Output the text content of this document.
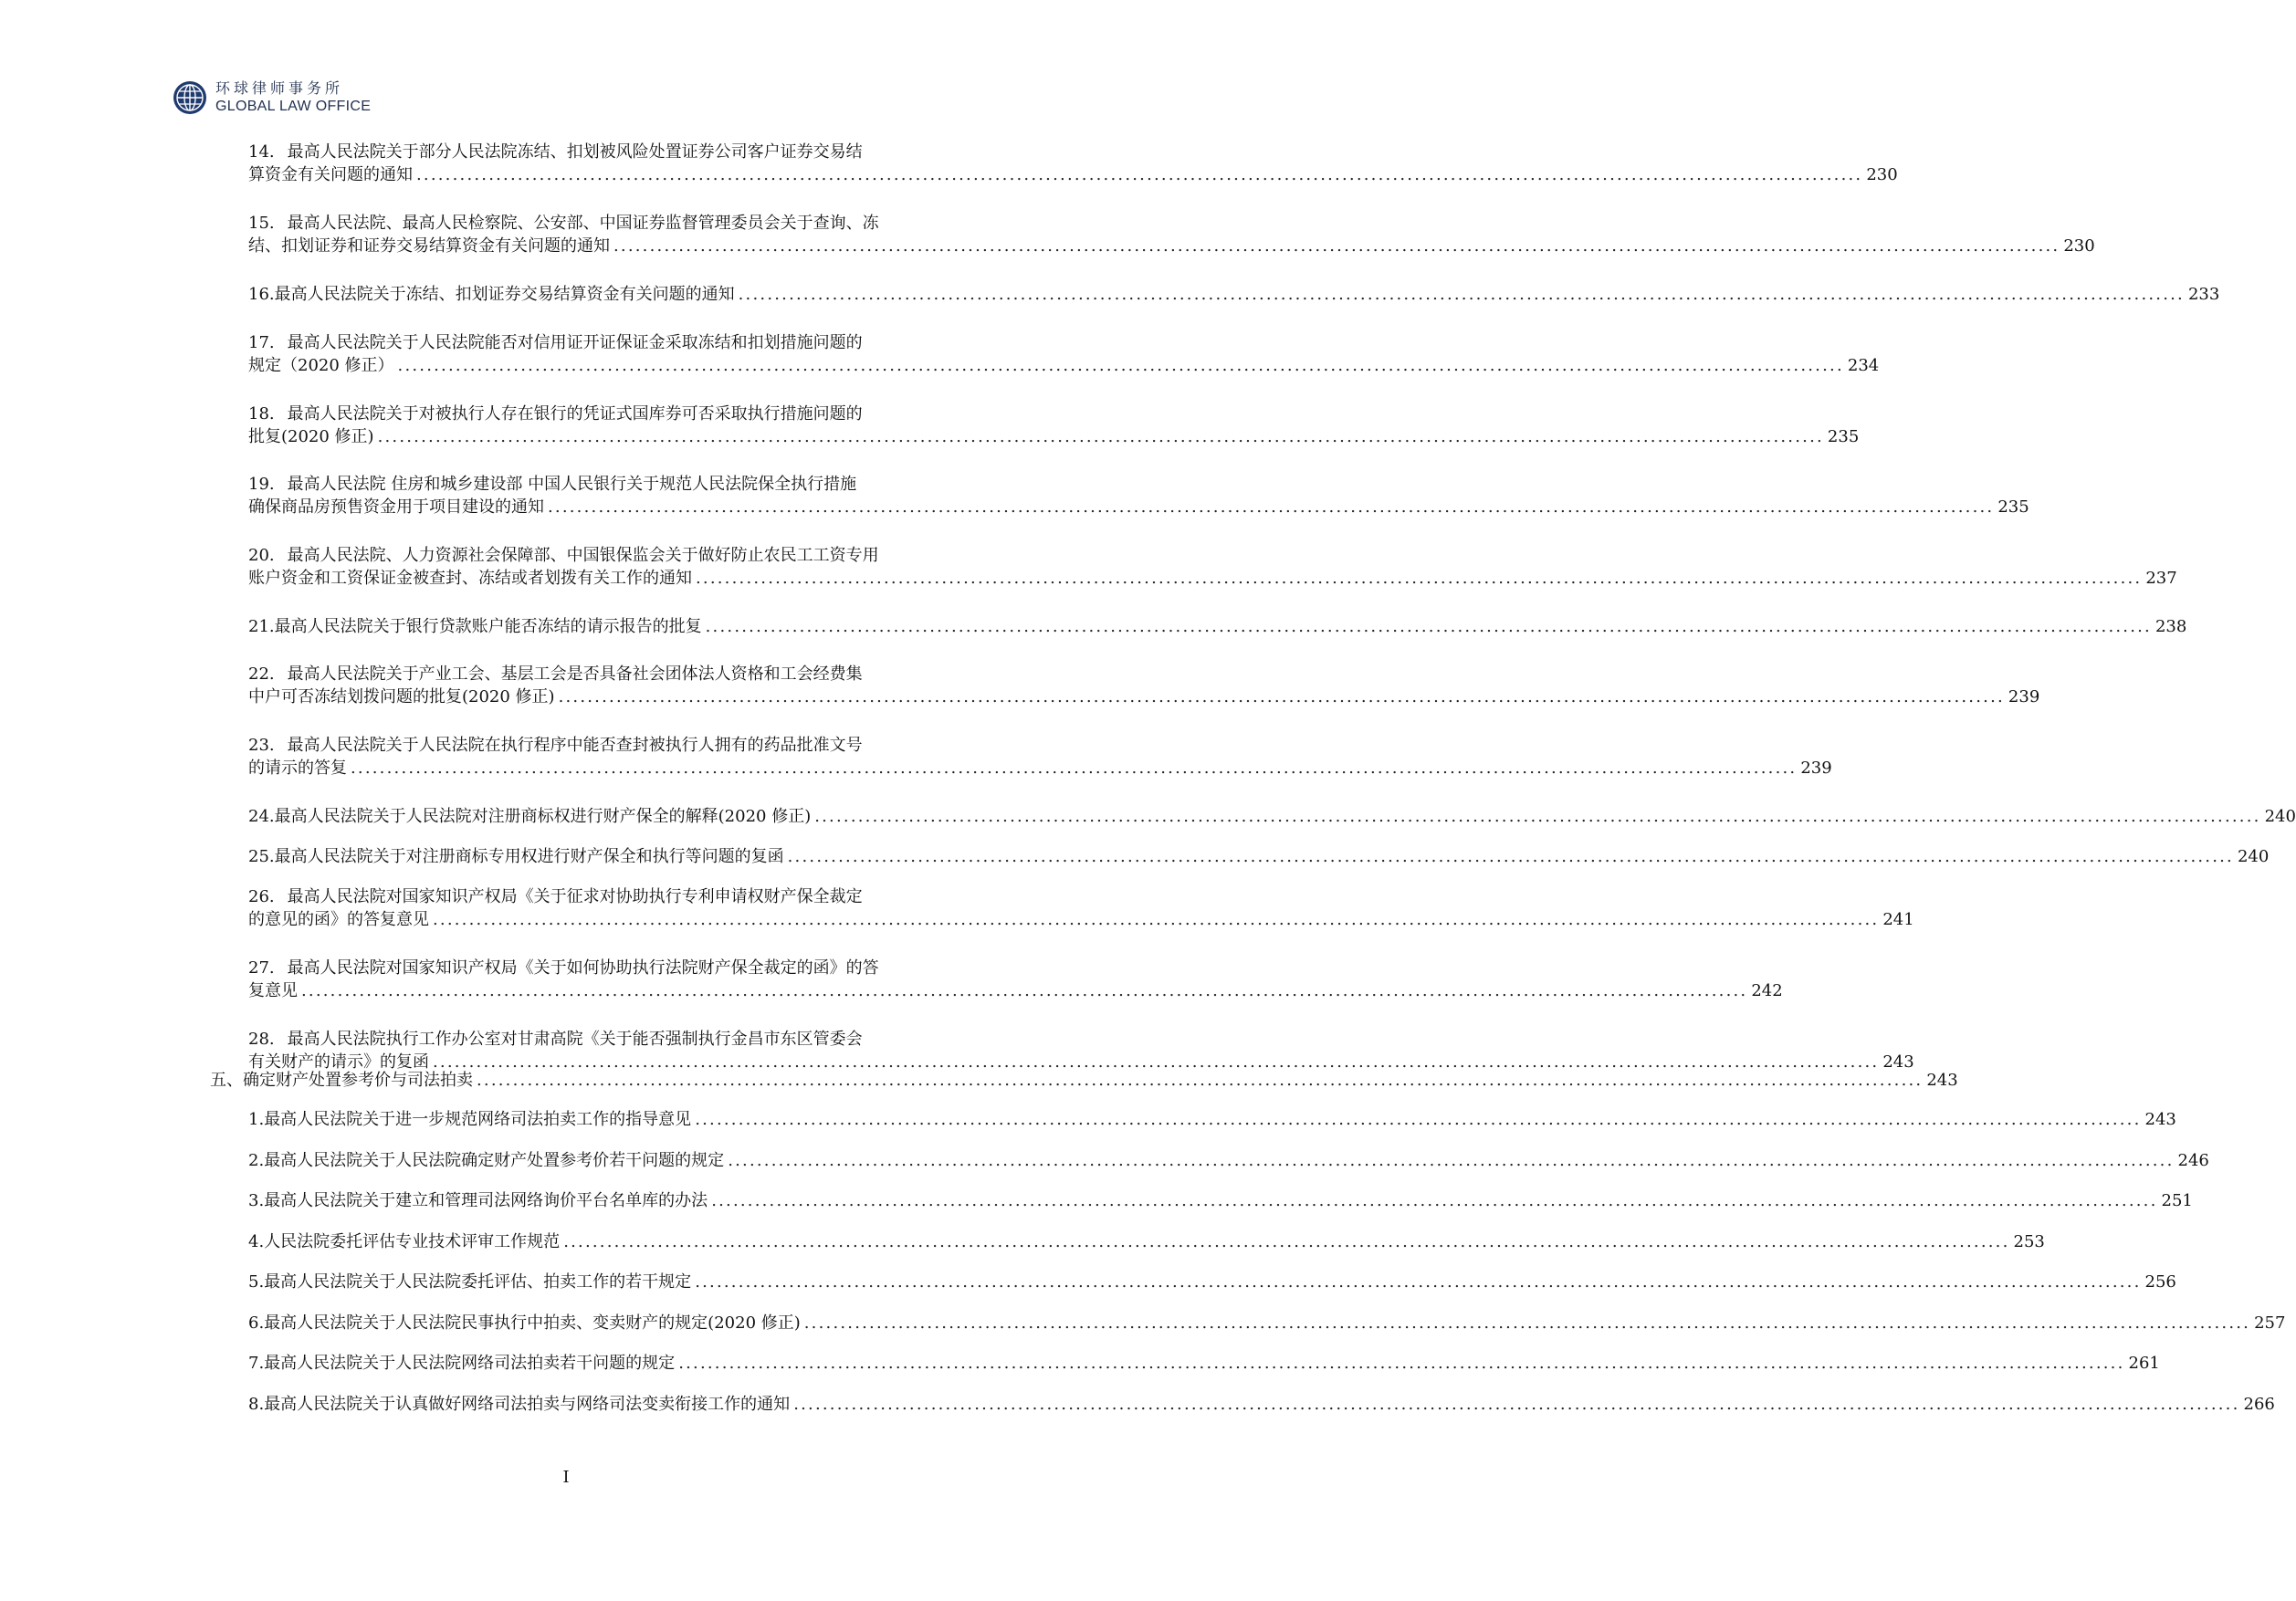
环球律师事务所
GLOBAL LAW OFFICE
14. 最高人民法院关于部分人民法院冻结、扣划被风险处置证券公司客户证券交易结
算资金有关问题的通知 ........................................................................................................................................................................................................ 230
15. 最高人民法院、最高人民检察院、公安部、中国证券监督管理委员会关于查询、冻
结、扣划证券和证券交易结算资金有关问题的通知 ........................................................................................................................................................................................................ 230
16. 最高人民法院关于冻结、扣划证券交易结算资金有关问题的通知 ........................................................................................................................................................................................................ 233
17. 最高人民法院关于人民法院能否对信用证开证保证金采取冻结和扣划措施问题的
规定（2020 修正） ........................................................................................................................................................................................................ 234
18. 最高人民法院关于对被执行人存在银行的凭证式国库券可否采取执行措施问题的
批复(2020 修正) ........................................................................................................................................................................................................ 235
19. 最高人民法院 住房和城乡建设部 中国人民银行关于规范人民法院保全执行措施
确保商品房预售资金用于项目建设的通知 ........................................................................................................................................................................................................ 235
20. 最高人民法院、人力资源社会保障部、中国银保监会关于做好防止农民工工资专用
账户资金和工资保证金被查封、冻结或者划拨有关工作的通知 ........................................................................................................................................................................................................ 237
21. 最高人民法院关于银行贷款账户能否冻结的请示报告的批复 ........................................................................................................................................................................................................ 238
22. 最高人民法院关于产业工会、基层工会是否具备社会团体法人资格和工会经费集
中户可否冻结划拨问题的批复(2020 修正) ........................................................................................................................................................................................................ 239
23. 最高人民法院关于人民法院在执行程序中能否查封被执行人拥有的药品批准文号
的请示的答复 ........................................................................................................................................................................................................ 239
24. 最高人民法院关于人民法院对注册商标权进行财产保全的解释(2020 修正) ........................................................................................................................................................................................................ 240
25. 最高人民法院关于对注册商标专用权进行财产保全和执行等问题的复函 ........................................................................................................................................................................................................ 240
26. 最高人民法院对国家知识产权局《关于征求对协助执行专利申请权财产保全裁定
的意见的函》的答复意见 ........................................................................................................................................................................................................ 241
27. 最高人民法院对国家知识产权局《关于如何协助执行法院财产保全裁定的函》的答
复意见 ........................................................................................................................................................................................................ 242
28. 最高人民法院执行工作办公室对甘肃高院《关于能否强制执行金昌市东区管委会
有关财产的请示》的复函 ........................................................................................................................................................................................................ 243
五、 确定财产处置参考价与司法拍卖 ........................................................................................................................................................................................................ 243
1. 最高人民法院关于进一步规范网络司法拍卖工作的指导意见 ........................................................................................................................................................................................................ 243
2. 最高人民法院关于人民法院确定财产处置参考价若干问题的规定 ........................................................................................................................................................................................................ 246
3. 最高人民法院关于建立和管理司法网络询价平台名单库的办法 ........................................................................................................................................................................................................ 251
4. 人民法院委托评估专业技术评审工作规范 ........................................................................................................................................................................................................ 253
5. 最高人民法院关于人民法院委托评估、拍卖工作的若干规定 ........................................................................................................................................................................................................ 256
6. 最高人民法院关于人民法院民事执行中拍卖、变卖财产的规定(2020 修正) ........................................................................................................................................................................................................ 257
7. 最高人民法院关于人民法院网络司法拍卖若干问题的规定 ........................................................................................................................................................................................................ 261
8. 最高人民法院关于认真做好网络司法拍卖与网络司法变卖衔接工作的通知 ........................................................................................................................................................................................................ 266
I
